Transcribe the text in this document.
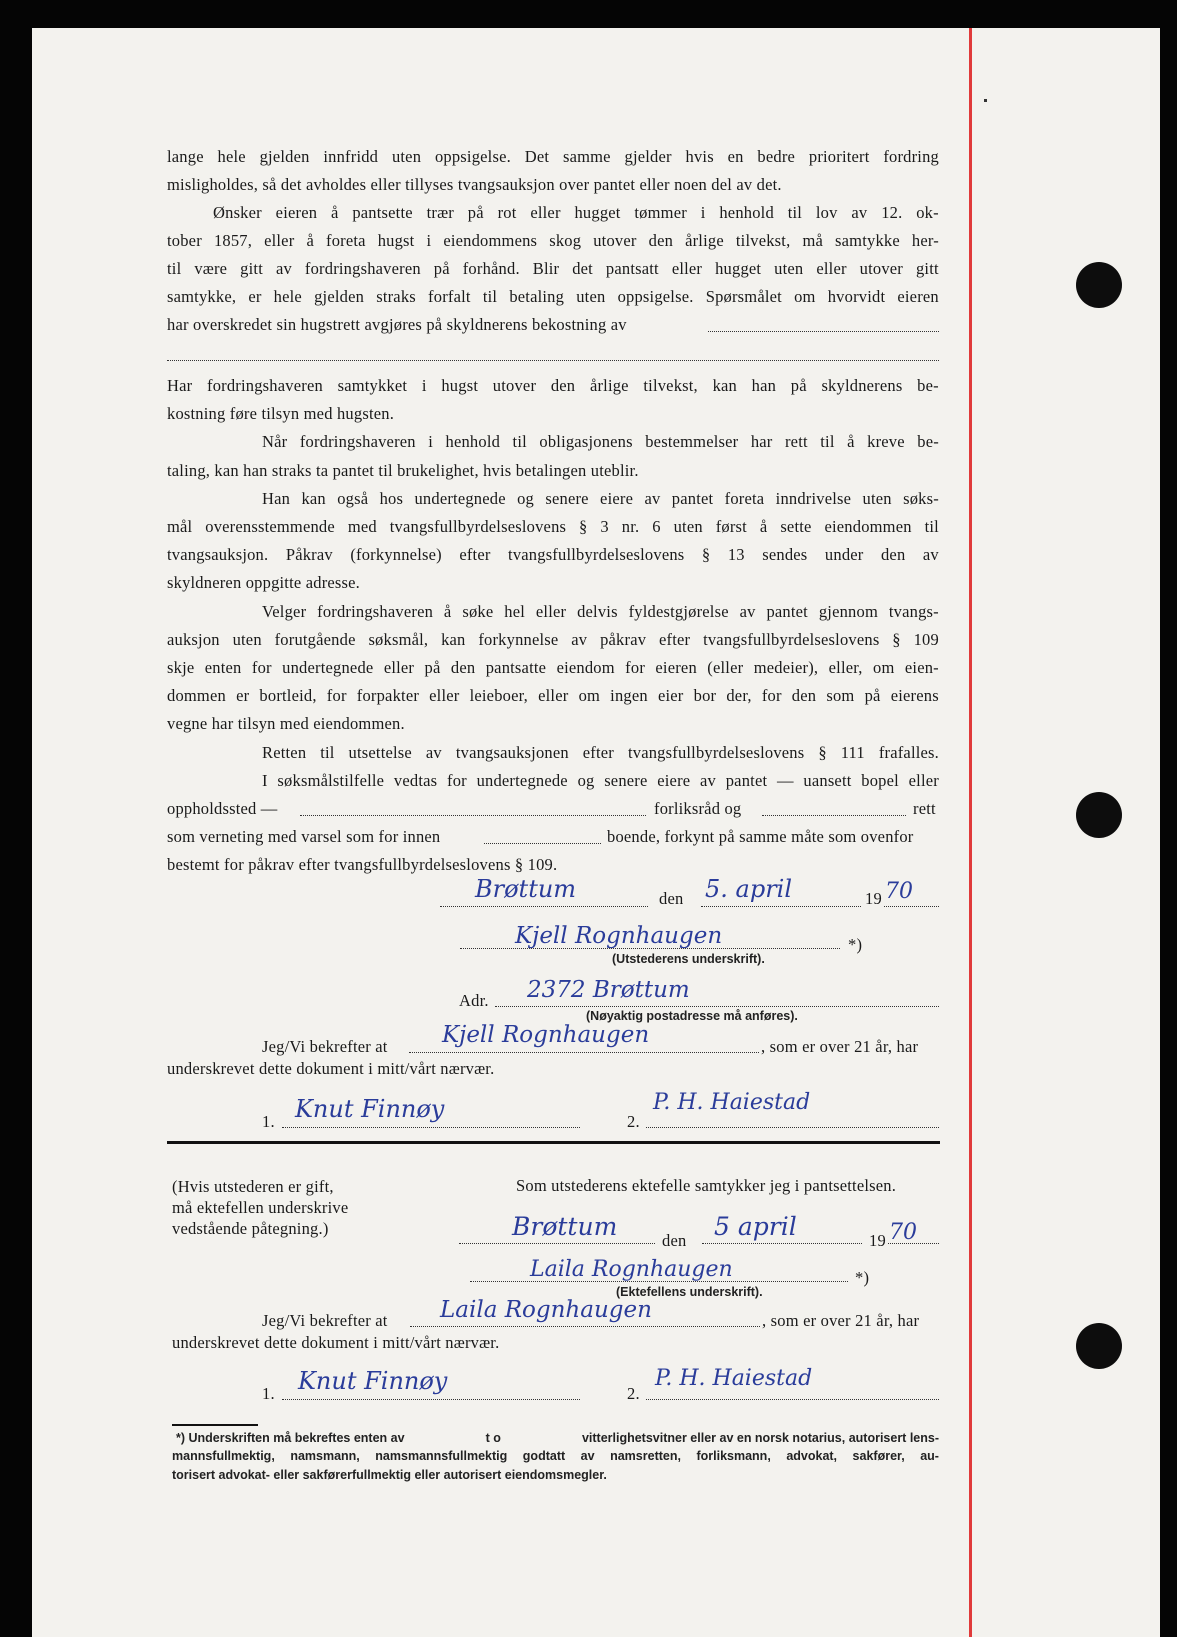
lange hele gjelden innfridd uten oppsigelse. Det samme gjelder hvis en bedre prioritert fordring
misligholdes, så det avholdes eller tillyses tvangsauksjon over pantet eller noen del av det.
Ønsker eieren å pantsette trær på rot eller hugget tømmer i henhold til lov av 12. ok-
tober 1857, eller å foreta hugst i eiendommens skog utover den årlige tilvekst, må samtykke her-
til være gitt av fordringshaveren på forhånd. Blir det pantsatt eller hugget uten eller utover gitt
samtykke, er hele gjelden straks forfalt til betaling uten oppsigelse. Spørsmålet om hvorvidt eieren
har overskredet sin hugstrett avgjøres på skyldnerens bekostning av
Har fordringshaveren samtykket i hugst utover den årlige tilvekst, kan han på skyldnerens be-
kostning føre tilsyn med hugsten.
Når fordringshaveren i henhold til obligasjonens bestemmelser har rett til å kreve be-
taling, kan han straks ta pantet til brukelighet, hvis betalingen uteblir.
Han kan også hos undertegnede og senere eiere av pantet foreta inndrivelse uten søks-
mål overensstemmende med tvangsfullbyrdelseslovens § 3 nr. 6 uten først å sette eiendommen til
tvangsauksjon. Påkrav (forkynnelse) efter tvangsfullbyrdelseslovens § 13 sendes under den av
skyldneren oppgitte adresse.
Velger fordringshaveren å søke hel eller delvis fyldestgjørelse av pantet gjennom tvangs-
auksjon uten forutgående søksmål, kan forkynnelse av påkrav efter tvangsfullbyrdelseslovens § 109
skje enten for undertegnede eller på den pantsatte eiendom for eieren (eller medeier), eller, om eien-
dommen er bortleid, for forpakter eller leieboer, eller om ingen eier bor der, for den som på eierens
vegne har tilsyn med eiendommen.
Retten til utsettelse av tvangsauksjonen efter tvangsfullbyrdelseslovens § 111 frafalles.
I søksmålstilfelle vedtas for undertegnede og senere eiere av pantet — uansett bopel eller
oppholdssted —	forliksråd og	rett
som verneting med varsel som for innen	boende, forkynt på samme måte som ovenfor
bestemt for påkrav efter tvangsfullbyrdelseslovens § 109.
Brøttum	den 5. april	19 70
Kjell Rognhaugen	*)
(Utstederens underskrift).
Adr. 2372 Brøttum
(Nøyaktig postadresse må anføres).
Jeg/Vi bekrefter at Kjell Rognhaugen	, som er over 21 år, har
underskrevet dette dokument i mitt/vårt nærvær.
1. Knut Finnøy	2.
P. H. Haiestad
(Hvis utstederen er gift,
må ektefellen underskrive
vedstående påtegning.)
Som utstederens ektefelle samtykker jeg i pantsettelsen.
Brøttum	den 5 april	19 70
Laila Rognhaugen	*)
(Ektefellens underskrift).
Jeg/Vi bekrefter at Laila Rognhaugen	, som er over 21 år, har
underskrevet dette dokument i mitt/vårt nærvær.
1. Knut Finnøy	2.
P. H. Haiestad
*) Underskriften må bekreftes enten av	t o	vitterlighetsvitner eller av en norsk notarius, autorisert lens-
mannsfullmektig, namsmann, namsmannsfullmektig godtatt av namsretten, forliksmann, advokat, sakfører, au-
torisert advokat- eller sakførerfullmektig eller autorisert eiendomsmegler.
